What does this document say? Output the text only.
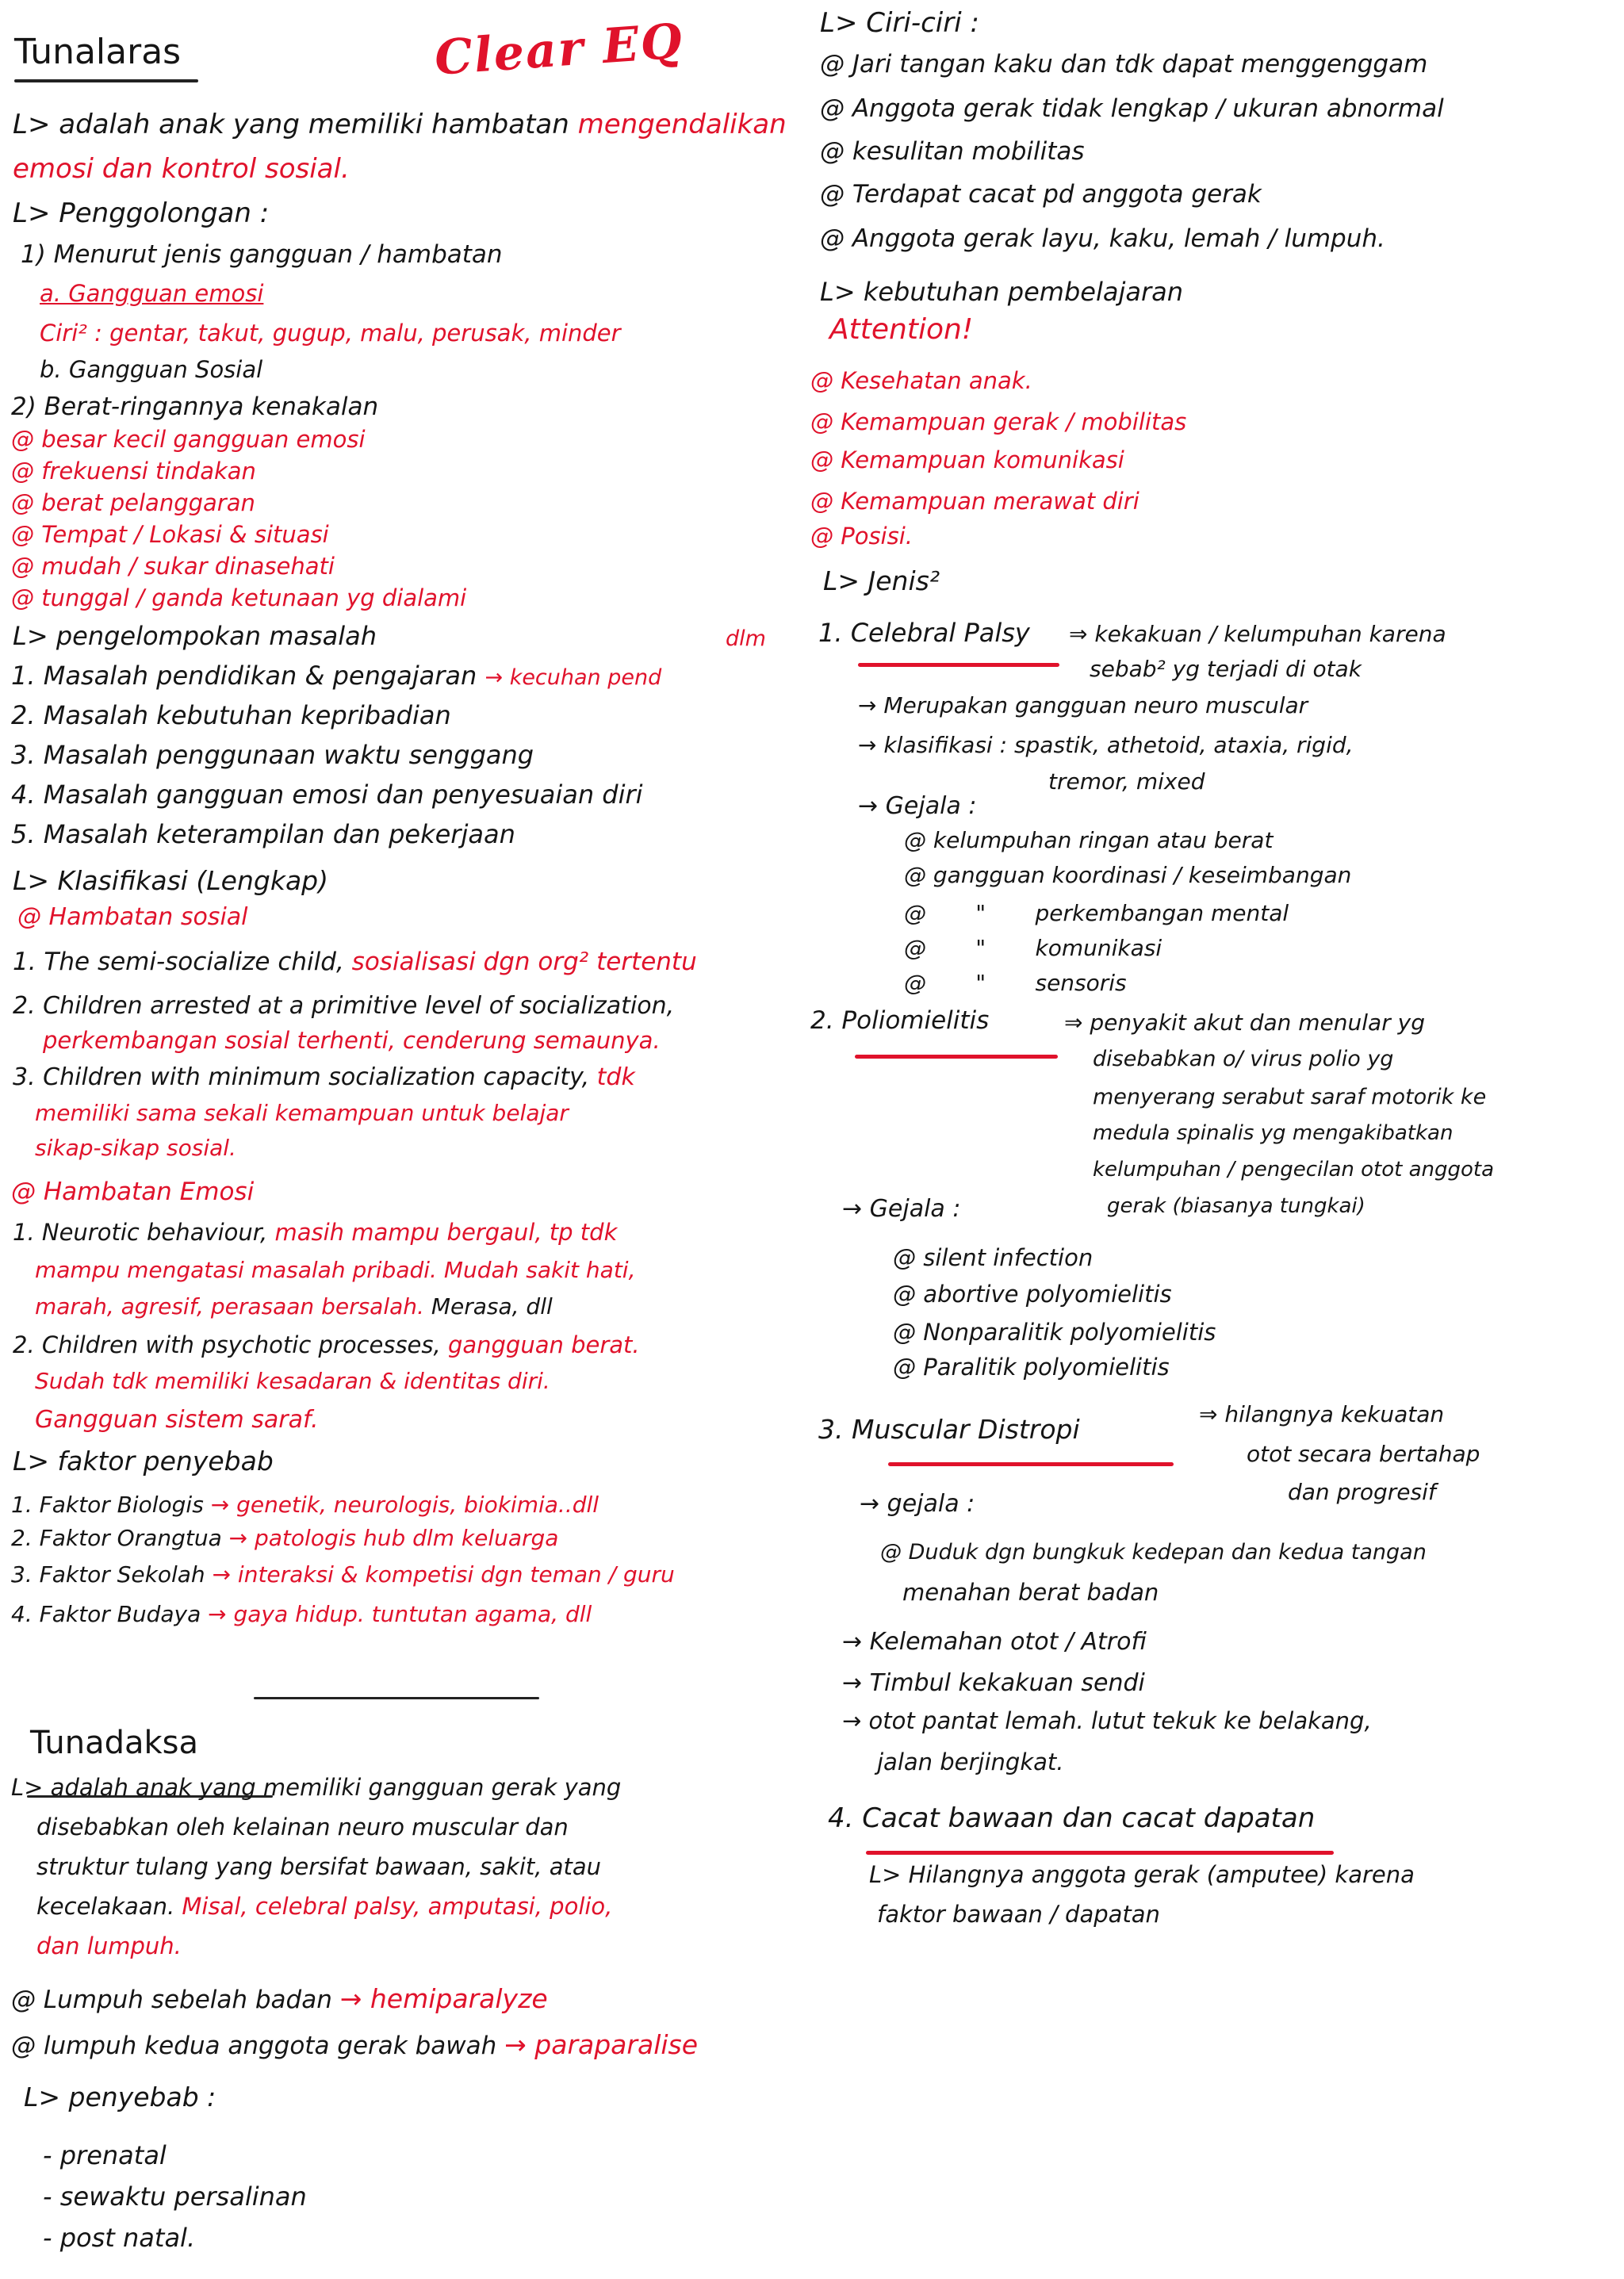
Clear EQ
Tunalaras
L> adalah anak yang memiliki hambatan mengendalikan
emosi dan kontrol sosial.
L> Penggolongan :
1) Menurut jenis gangguan / hambatan
a. Gangguan emosi
Ciri² : gentar, takut, gugup, malu, perusak, minder
b. Gangguan Sosial
2) Berat-ringannya kenakalan
@ besar kecil gangguan emosi
@ frekuensi tindakan
@ berat pelanggaran
@ Tempat / Lokasi & situasi
@ mudah / sukar dinasehati
@ tunggal / ganda ketunaan yg dialami
L> pengelompokan masalah	dlm
1. Masalah pendidikan & pengajaran → kecuhan pend
2. Masalah kebutuhan kepribadian
3. Masalah penggunaan waktu senggang
4. Masalah gangguan emosi dan penyesuaian diri
5. Masalah keterampilan dan pekerjaan
L> Klasifikasi (Lengkap)
@ Hambatan sosial
1. The semi-socialize child, sosialisasi dgn org² tertentu
2. Children arrested at a primitive level of socialization,
perkembangan sosial terhenti, cenderung semaunya.
3. Children with minimum socialization capacity, tdk
memiliki sama sekali kemampuan untuk belajar
sikap-sikap sosial.
@ Hambatan Emosi
1. Neurotic behaviour, masih mampu bergaul, tp tdk
mampu mengatasi masalah pribadi. Mudah sakit hati,
marah, agresif, perasaan bersalah. Merasa, dll
2. Children with psychotic processes, gangguan berat.
Sudah tdk memiliki kesadaran & identitas diri.
Gangguan sistem saraf.
L> faktor penyebab
1. Faktor Biologis → genetik, neurologis, biokimia..dll
2. Faktor Orangtua → patologis hub dlm keluarga
3. Faktor Sekolah → interaksi & kompetisi dgn teman / guru
4. Faktor Budaya → gaya hidup. tuntutan agama, dll
Tunadaksa
L> adalah anak yang memiliki gangguan gerak yang
disebabkan oleh kelainan neuro muscular dan
struktur tulang yang bersifat bawaan, sakit, atau
kecelakaan. Misal, celebral palsy, amputasi, polio,
dan lumpuh.
@ Lumpuh sebelah badan → hemiparalyze
@ lumpuh kedua anggota gerak bawah → paraparalise
L> penyebab :
- prenatal
- sewaktu persalinan
- post natal.
L> Ciri-ciri :
@ Jari tangan kaku dan tdk dapat menggenggam
@ Anggota gerak tidak lengkap / ukuran abnormal
@ kesulitan mobilitas
@ Terdapat cacat pd anggota gerak
@ Anggota gerak layu, kaku, lemah / lumpuh.
L> kebutuhan pembelajaran
Attention!
@ Kesehatan anak.
@ Kemampuan gerak / mobilitas
@ Kemampuan komunikasi
@ Kemampuan merawat diri
@ Posisi.
L> Jenis²
1. Celebral Palsy ⇒ kekakuan / kelumpuhan karena
sebab² yg terjadi di otak
→ Merupakan gangguan neuro muscular
→ klasifikasi : spastik, athetoid, ataxia, rigid,
tremor, mixed
→ Gejala :
@ kelumpuhan ringan atau berat
@ gangguan koordinasi / keseimbangan
@       "       perkembangan mental
@       "       komunikasi
@       "       sensoris
2. Poliomielitis	⇒ penyakit akut dan menular yg
disebabkan o/ virus polio yg
menyerang serabut saraf motorik ke
medula spinalis yg mengakibatkan
kelumpuhan / pengecilan otot anggota
gerak (biasanya tungkai)
→ Gejala :
@ silent infection
@ abortive polyomielitis
@ Nonparalitik polyomielitis
@ Paralitik polyomielitis
3. Muscular Distropi	⇒ hilangnya kekuatan
otot secara bertahap
dan progresif
→ gejala :
@ Duduk dgn bungkuk kedepan dan kedua tangan
menahan berat badan
→ Kelemahan otot / Atrofi
→ Timbul kekakuan sendi
→ otot pantat lemah. lutut tekuk ke belakang,
jalan berjingkat.
4. Cacat bawaan dan cacat dapatan
L> Hilangnya anggota gerak (amputee) karena
faktor bawaan / dapatan
